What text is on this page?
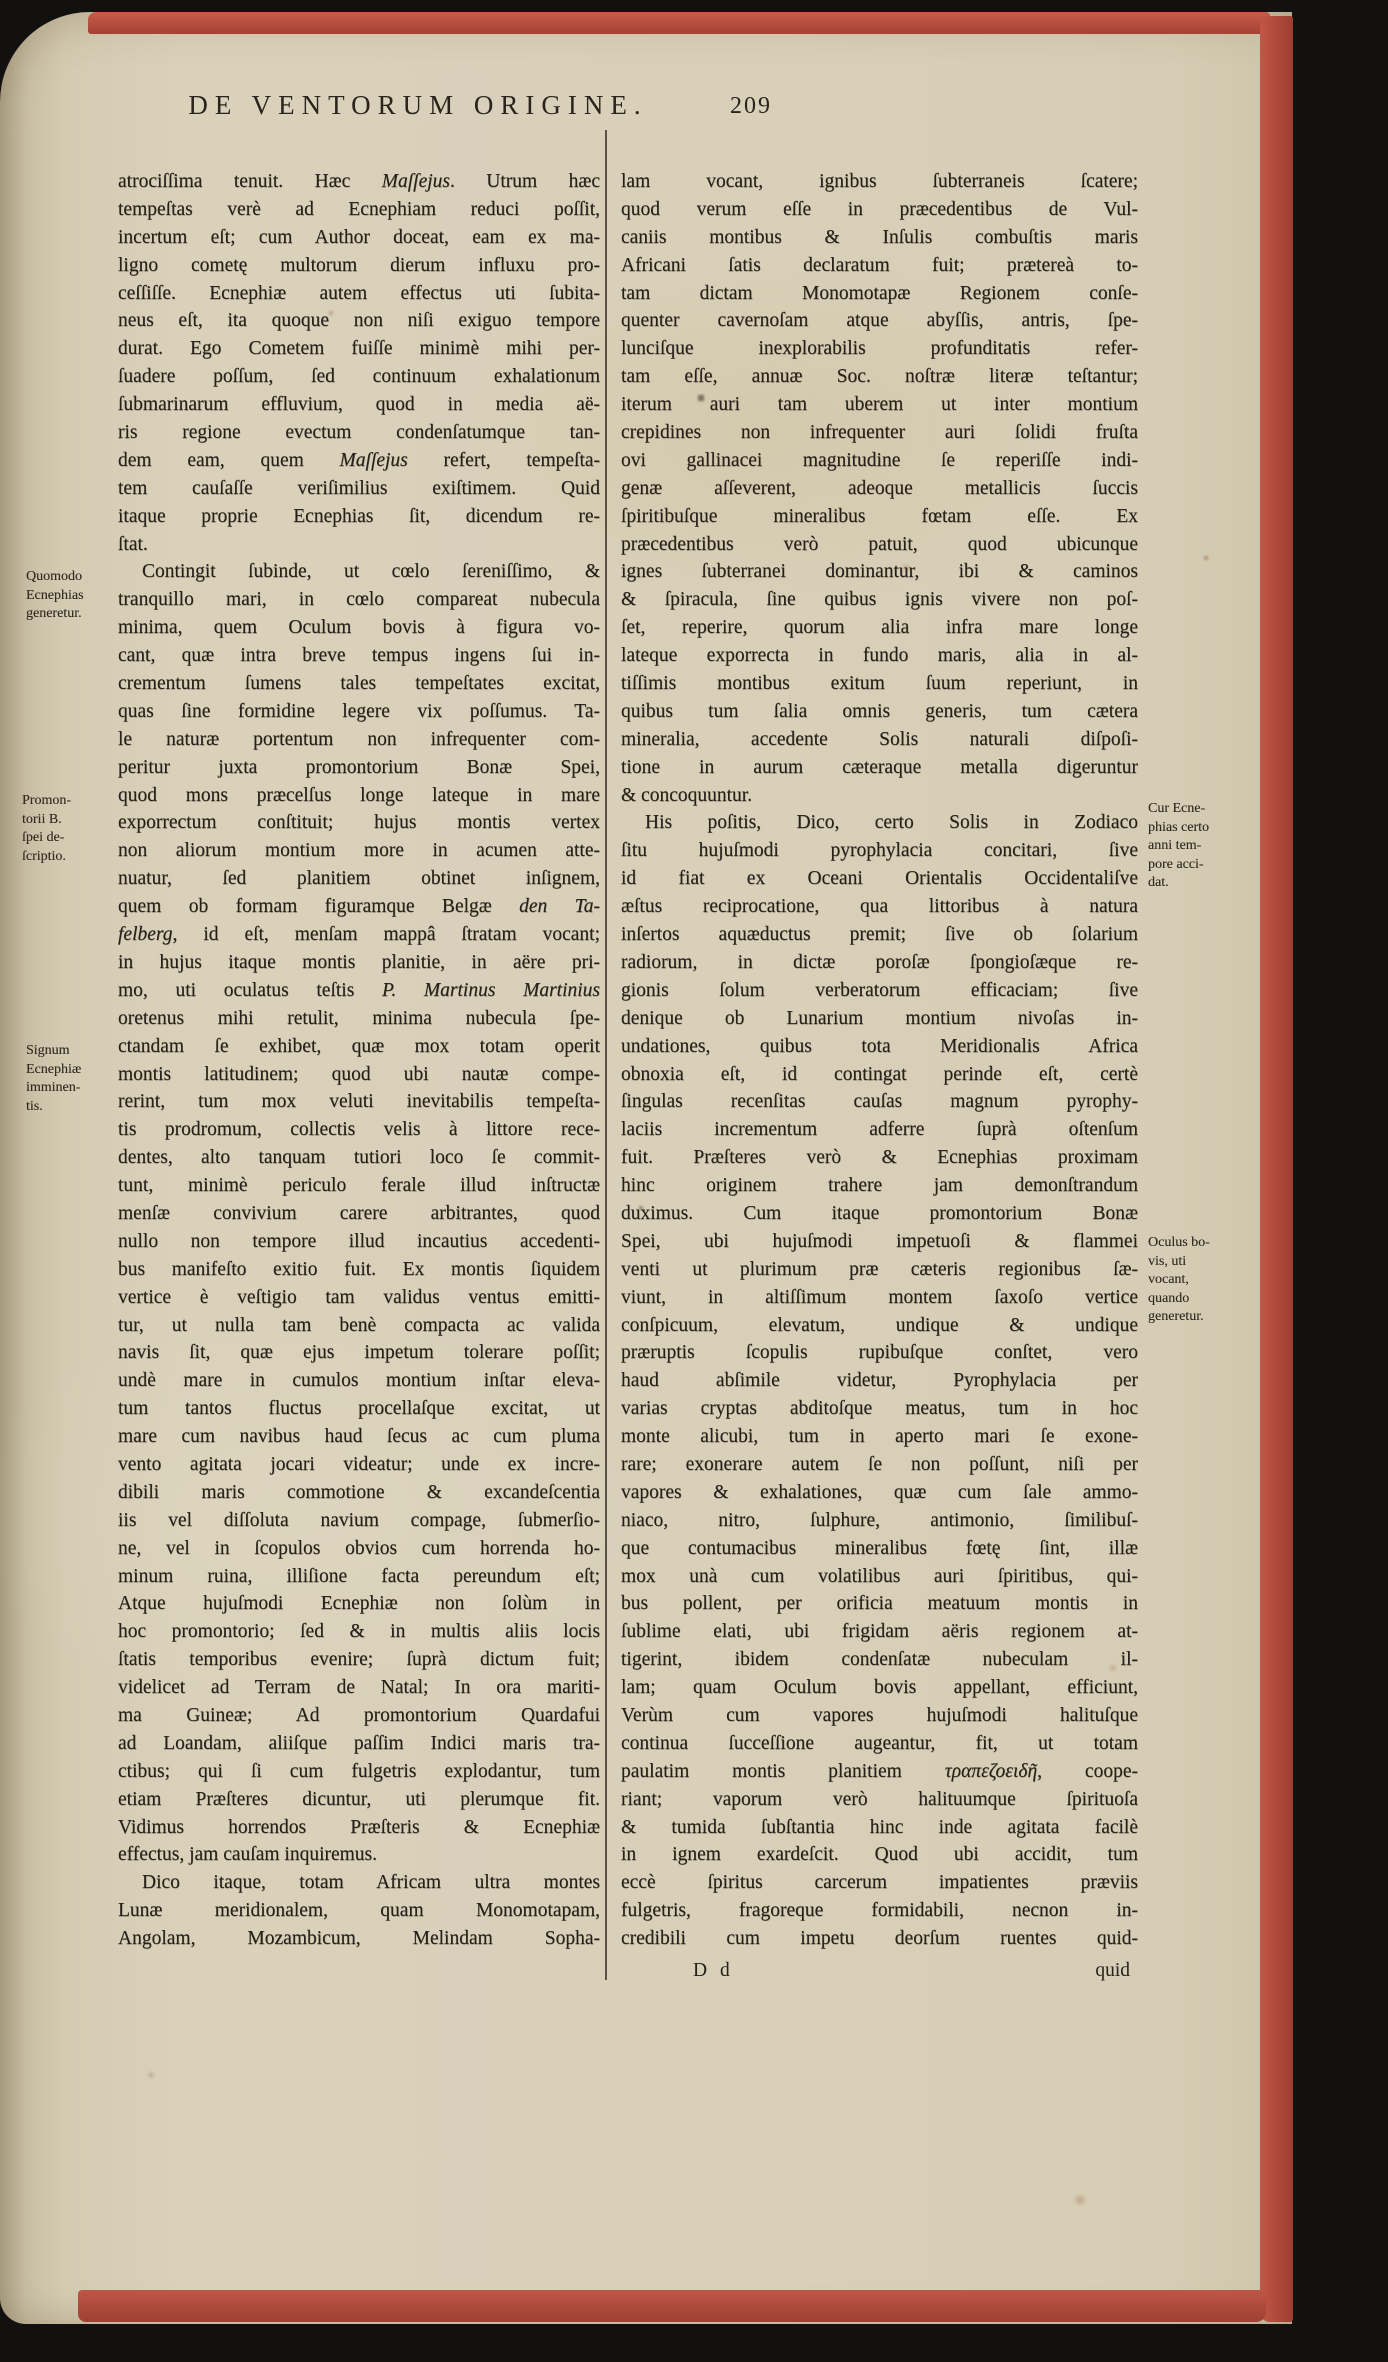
DE VENTORUM ORIGINE.	209
atrociſſima tenuit. Hæc Maſſejus. Utrum hæc
tempeſtas verè ad Ecnephiam reduci poſſit,
incertum eſt; cum Author doceat, eam ex ma-
ligno cometę multorum dierum influxu pro-
ceſſiſſe. Ecnephiæ autem effectus uti ſubita-
neus eſt, ita quoque non niſi exiguo tempore
durat. Ego Cometem fuiſſe minimè mihi per-
ſuadere poſſum, ſed continuum exhalationum
ſubmarinarum effluvium, quod in media aë-
ris regione evectum condenſatumque tan-
dem eam, quem Maſſejus refert, tempeſta-
tem cauſaſſe veriſimilius exiſtimem. Quid
itaque proprie Ecnephias ſit, dicendum re-
ſtat.
Contingit ſubinde, ut cœlo ſereniſſimo, &
tranquillo mari, in cœlo compareat nubecula
minima, quem Oculum bovis à figura vo-
cant, quæ intra breve tempus ingens ſui in-
crementum ſumens tales tempeſtates excitat,
quas ſine formidine legere vix poſſumus. Ta-
le naturæ portentum non infrequenter com-
peritur juxta promontorium Bonæ Spei,
quod mons præcelſus longe lateque in mare
exporrectum conſtituit; hujus montis vertex
non aliorum montium more in acumen atte-
nuatur, ſed planitiem obtinet inſignem,
quem ob formam figuramque Belgæ den Ta-
felberg, id eſt, menſam mappâ ſtratam vocant;
in hujus itaque montis planitie, in aëre pri-
mo, uti oculatus teſtis P. Martinus Martinius
oretenus mihi retulit, minima nubecula ſpe-
ctandam ſe exhibet, quæ mox totam operit
montis latitudinem; quod ubi nautæ compe-
rerint, tum mox veluti inevitabilis tempeſta-
tis prodromum, collectis velis à littore rece-
dentes, alto tanquam tutiori loco ſe commit-
tunt, minimè periculo ferale illud inſtructæ
menſæ convivium carere arbitrantes, quod
nullo non tempore illud incautius accedenti-
bus manifeſto exitio fuit. Ex montis ſiquidem
vertice è veſtigio tam validus ventus emitti-
tur, ut nulla tam benè compacta ac valida
navis ſit, quæ ejus impetum tolerare poſſit;
undè mare in cumulos montium inſtar eleva-
tum tantos fluctus procellaſque excitat, ut
mare cum navibus haud ſecus ac cum pluma
vento agitata jocari videatur; unde ex incre-
dibili maris commotione & excandeſcentia
iis vel diſſoluta navium compage, ſubmerſio-
ne, vel in ſcopulos obvios cum horrenda ho-
minum ruina, illiſione facta pereundum eſt;
Atque hujuſmodi Ecnephiæ non ſolùm in
hoc promontorio; ſed & in multis aliis locis
ſtatis temporibus evenire; ſuprà dictum fuit;
videlicet ad Terram de Natal; In ora mariti-
ma Guineæ; Ad promontorium Quardafui
ad Loandam, aliiſque paſſim Indici maris tra-
ctibus; qui ſi cum fulgetris explodantur, tum
etiam Præſteres dicuntur, uti plerumque fit.
Vidimus horrendos Præſteris & Ecnephiæ
effectus, jam cauſam inquiremus.
Dico itaque, totam Africam ultra montes
Lunæ meridionalem, quam Monomotapam,
Angolam, Mozambicum, Melindam Sopha-
lam vocant, ignibus ſubterraneis ſcatere;
quod verum eſſe in præcedentibus de Vul-
caniis montibus & Inſulis combuſtis maris
Africani ſatis declaratum fuit; prætereà to-
tam dictam Monomotapæ Regionem conſe-
quenter cavernoſam atque abyſſis, antris, ſpe-
lunciſque inexplorabilis profunditatis refer-
tam eſſe, annuæ Soc. noſtræ literæ teſtantur;
iterum auri tam uberem ut inter montium
crepidines non infrequenter auri ſolidi fruſta
ovi gallinacei magnitudine ſe reperiſſe indi-
genæ aſſeverent, adeoque metallicis ſuccis
ſpiritibuſque mineralibus fœtam eſſe. Ex
præcedentibus verò patuit, quod ubicunque
ignes ſubterranei dominantur, ibi & caminos
& ſpiracula, ſine quibus ignis vivere non poſ-
ſet, reperire, quorum alia infra mare longe
lateque exporrecta in fundo maris, alia in al-
tiſſimis montibus exitum ſuum reperiunt, in
quibus tum ſalia omnis generis, tum cætera
mineralia, accedente Solis naturali diſpoſi-
tione in aurum cæteraque metalla digeruntur
& concoquuntur.
His poſitis, Dico, certo Solis in Zodiaco
ſitu hujuſmodi pyrophylacia concitari, ſive
id fiat ex Oceani Orientalis Occidentaliſve
æſtus reciprocatione, qua littoribus à natura
inſertos aquæductus premit; ſive ob ſolarium
radiorum, in dictæ poroſæ ſpongioſæque re-
gionis ſolum verberatorum efficaciam; ſive
denique ob Lunarium montium nivoſas in-
undationes, quibus tota Meridionalis Africa
obnoxia eſt, id contingat perinde eſt, certè
ſingulas recenſitas cauſas magnum pyrophy-
laciis incrementum adferre ſuprà oſtenſum
fuit. Præſteres verò & Ecnephias proximam
hinc originem trahere jam demonſtrandum
duximus. Cum itaque promontorium Bonæ
Spei, ubi hujuſmodi impetuoſi & flammei
venti ut plurimum præ cæteris regionibus ſæ-
viunt, in altiſſimum montem ſaxoſo vertice
conſpicuum, elevatum, undique & undique
præruptis ſcopulis rupibuſque conſtet, vero
haud abſimile videtur, Pyrophylacia per
varias cryptas abditoſque meatus, tum in hoc
monte alicubi, tum in aperto mari ſe exone-
rare; exonerare autem ſe non poſſunt, niſi per
vapores & exhalationes, quæ cum ſale ammo-
niaco, nitro, ſulphure, antimonio, ſimilibuſ-
que contumacibus mineralibus fœtę ſint, illæ
mox unà cum volatilibus auri ſpiritibus, qui-
bus pollent, per orificia meatuum montis in
ſublime elati, ubi frigidam aëris regionem at-
tigerint, ibidem condenſatæ nubeculam il-
lam; quam Oculum bovis appellant, efficiunt,
Verùm cum vapores hujuſmodi halituſque
continua ſucceſſione augeantur, fit, ut totam
paulatim montis planitiem τραπεζοειδῆ, coope-
riant; vaporum verò halituumque ſpirituoſa
& tumida ſubſtantia hinc inde agitata facilè
in ignem exardeſcit. Quod ubi accidit, tum
eccè ſpiritus carcerum impatientes præviis
fulgetris, fragoreque formidabili, necnon in-
credibili cum impetu deorſum ruentes quid-
D d	quid
Quomodo
Ecnephias
generetur.
Promon-
torii B.
ſpei de-
ſcriptio.
Signum
Ecnephiæ
imminen-
tis.
Cur Ecne-
phias certo
anni tem-
pore acci-
dat.
Oculus bo-
vis, uti
vocant,
quando
generetur.
